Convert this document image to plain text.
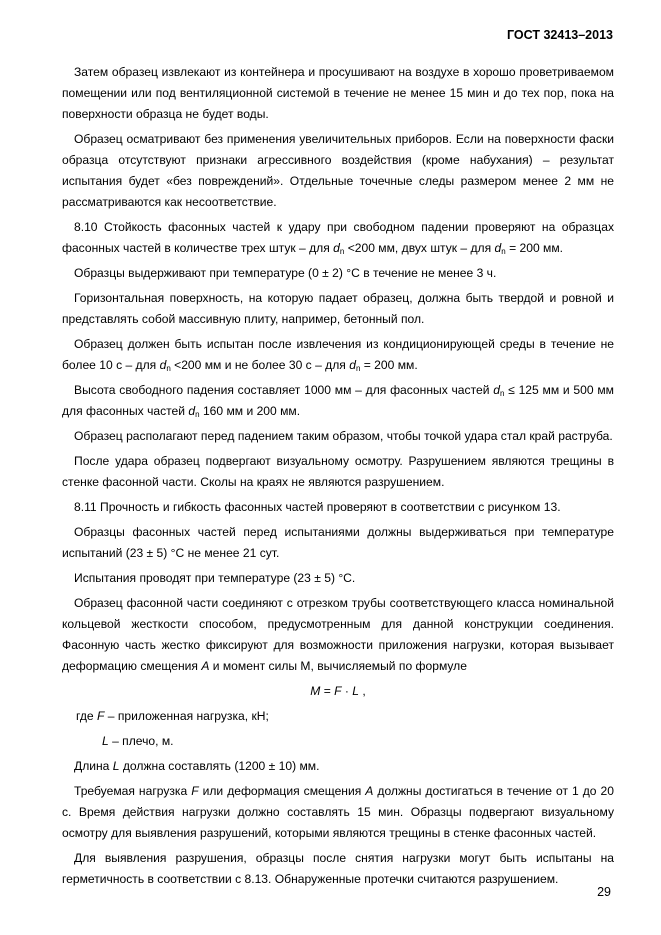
ГОСТ 32413–2013

Затем образец извлекают из контейнера и просушивают на воздухе в хорошо проветриваемом помещении или под вентиляционной системой в течение не менее 15 мин и до тех пор, пока на поверхности образца не будет воды.

Образец осматривают без применения увеличительных приборов. Если на поверхности фаски образца отсутствуют признаки агрессивного воздействия (кроме набухания) – результат испытания будет «без повреждений». Отдельные точечные следы размером менее 2 мм не рассматриваются как несоответствие.

8.10 Стойкость фасонных частей к удару при свободном падении проверяют на образцах фасонных частей в количестве трех штук – для $d_n <200$ мм, двух штук – для $d_n = 200$ мм.

Образцы выдерживают при температуре (0 ± 2) °С в течение не менее 3 ч.

Горизонтальная поверхность, на которую падает образец, должна быть твердой и ровной и представлять собой массивную плиту, например, бетонный пол.

Образец должен быть испытан после извлечения из кондиционирующей среды в течение не более 10 с – для $d_n <200$ мм и не более 30 с – для $d_n = 200$ мм.

Высота свободного падения составляет 1000 мм – для фасонных частей $d_n \le 125$ мм и 500 мм для фасонных частей $d_n$ 160 мм и 200 мм.

Образец располагают перед падением таким образом, чтобы точкой удара стал край раструба.

После удара образец подвергают визуальному осмотру. Разрушением являются трещины в стенке фасонной части. Сколы на краях не являются разрушением.

8.11 Прочность и гибкость фасонных частей проверяют в соответствии с рисунком 13.

Образцы фасонных частей перед испытаниями должны выдерживаться при температуре испытаний (23 ± 5) °С не менее 21 сут.

Испытания проводят при температуре (23 ± 5) °С.

Образец фасонной части соединяют с отрезком трубы соответствующего класса номинальной кольцевой жесткости способом, предусмотренным для данной конструкции соединения. Фасонную часть жестко фиксируют для возможности приложения нагрузки, которая вызывает деформацию смещения A и момент силы М, вычисляемый по формуле

M = F · L ,

где F – приложенная нагрузка, кН;

L – плечо, м.

Длина L должна составлять (1200 ± 10) мм.

Требуемая нагрузка F или деформация смещения A должны достигаться в течение от 1 до 20 с. Время действия нагрузки должно составлять 15 мин. Образцы подвергают визуальному осмотру для выявления разрушений, которыми являются трещины в стенке фасонных частей.

Для выявления разрушения, образцы после снятия нагрузки могут быть испытаны на герметичность в соответствии с 8.13. Обнаруженные протечки считаются разрушением.

29
